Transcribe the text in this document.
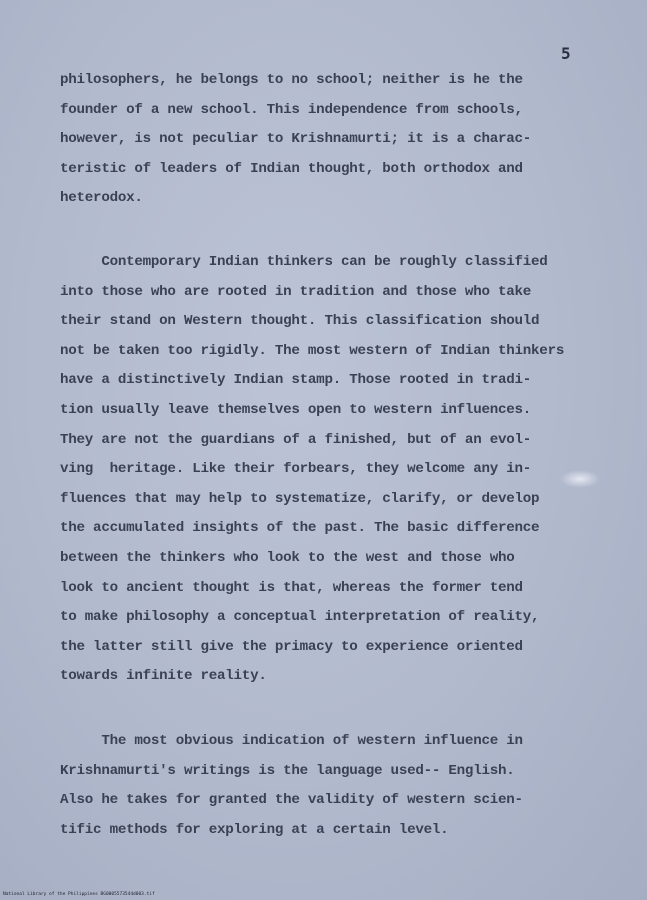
5
philosophers, he belongs to no school; neither is he the
founder of a new school. This independence from schools,
however, is not peculiar to Krishnamurti; it is a charac-
teristic of leaders of Indian thought, both orthodox and
heterodox.
Contemporary Indian thinkers can be roughly classified
into those who are rooted in tradition and those who take
their stand on Western thought. This classification should
not be taken too rigidly. The most western of Indian thinkers
have a distinctively Indian stamp. Those rooted in tradi-
tion usually leave themselves open to western influences.
They are not the guardians of a finished, but of an evol-
ving  heritage. Like their forbears, they welcome any in-
fluences that may help to systematize, clarify, or develop
the accumulated insights of the past. The basic difference
between the thinkers who look to the west and those who
look to ancient thought is that, whereas the former tend
to make philosophy a conceptual interpretation of reality,
the latter still give the primacy to experience oriented
towards infinite reality.
The most obvious indication of western influence in
Krishnamurti's writings is the language used-- English.
Also he takes for granted the validity of western scien-
tific methods for exploring at a certain level.
National Library of the Philippines BG0005573544d003.tif
